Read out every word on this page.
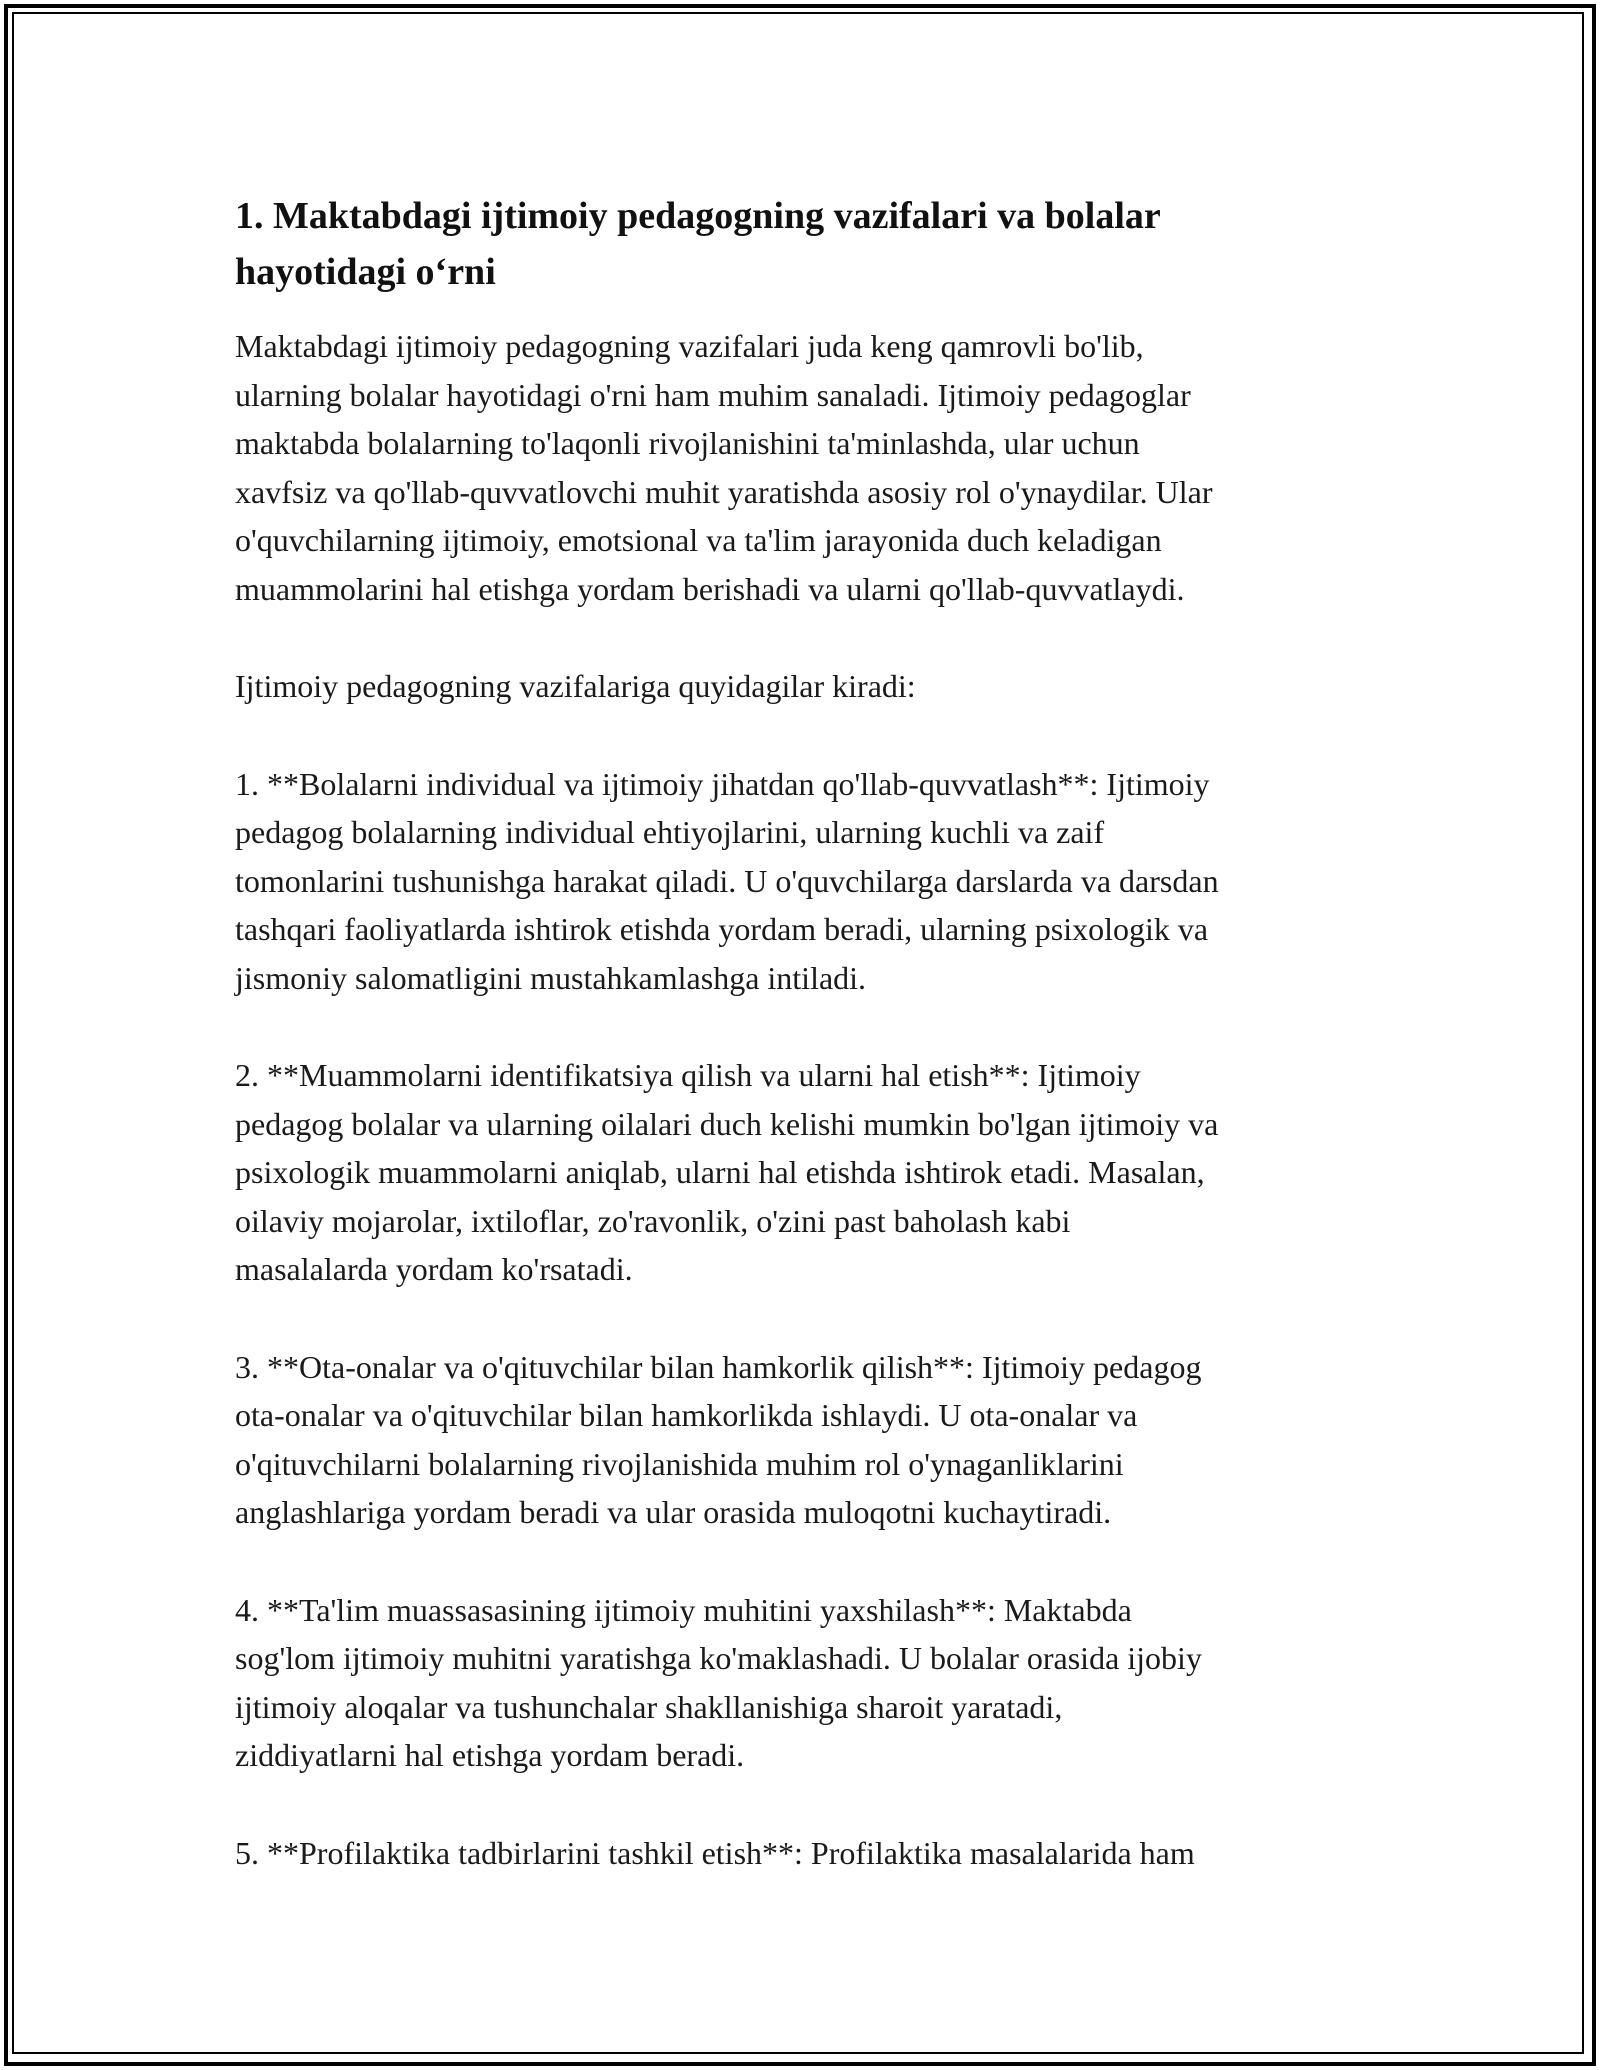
1. Maktabdagi ijtimoiy pedagogning vazifalari va bolalar
hayotidagi o‘rni

Maktabdagi ijtimoiy pedagogning vazifalari juda keng qamrovli bo'lib,
ularning bolalar hayotidagi o'rni ham muhim sanaladi. Ijtimoiy pedagoglar
maktabda bolalarning to'laqonli rivojlanishini ta'minlashda, ular uchun
xavfsiz va qo'llab-quvvatlovchi muhit yaratishda asosiy rol o'ynaydilar. Ular
o'quvchilarning ijtimoiy, emotsional va ta'lim jarayonida duch keladigan
muammolarini hal etishga yordam berishadi va ularni qo'llab-quvvatlaydi.

Ijtimoiy pedagogning vazifalariga quyidagilar kiradi:

1. **Bolalarni individual va ijtimoiy jihatdan qo'llab-quvvatlash**: Ijtimoiy
pedagog bolalarning individual ehtiyojlarini, ularning kuchli va zaif
tomonlarini tushunishga harakat qiladi. U o'quvchilarga darslarda va darsdan
tashqari faoliyatlarda ishtirok etishda yordam beradi, ularning psixologik va
jismoniy salomatligini mustahkamlashga intiladi.

2. **Muammolarni identifikatsiya qilish va ularni hal etish**: Ijtimoiy
pedagog bolalar va ularning oilalari duch kelishi mumkin bo'lgan ijtimoiy va
psixologik muammolarni aniqlab, ularni hal etishda ishtirok etadi. Masalan,
oilaviy mojarolar, ixtiloflar, zo'ravonlik, o'zini past baholash kabi
masalalarda yordam ko'rsatadi.

3. **Ota-onalar va o'qituvchilar bilan hamkorlik qilish**: Ijtimoiy pedagog
ota-onalar va o'qituvchilar bilan hamkorlikda ishlaydi. U ota-onalar va
o'qituvchilarni bolalarning rivojlanishida muhim rol o'ynaganliklarini
anglashlariga yordam beradi va ular orasida muloqotni kuchaytiradi.

4. **Ta'lim muassasasining ijtimoiy muhitini yaxshilash**: Maktabda
sog'lom ijtimoiy muhitni yaratishga ko'maklashadi. U bolalar orasida ijobiy
ijtimoiy aloqalar va tushunchalar shakllanishiga sharoit yaratadi,
ziddiyatlarni hal etishga yordam beradi.

5. **Profilaktika tadbirlarini tashkil etish**: Profilaktika masalalarida ham
